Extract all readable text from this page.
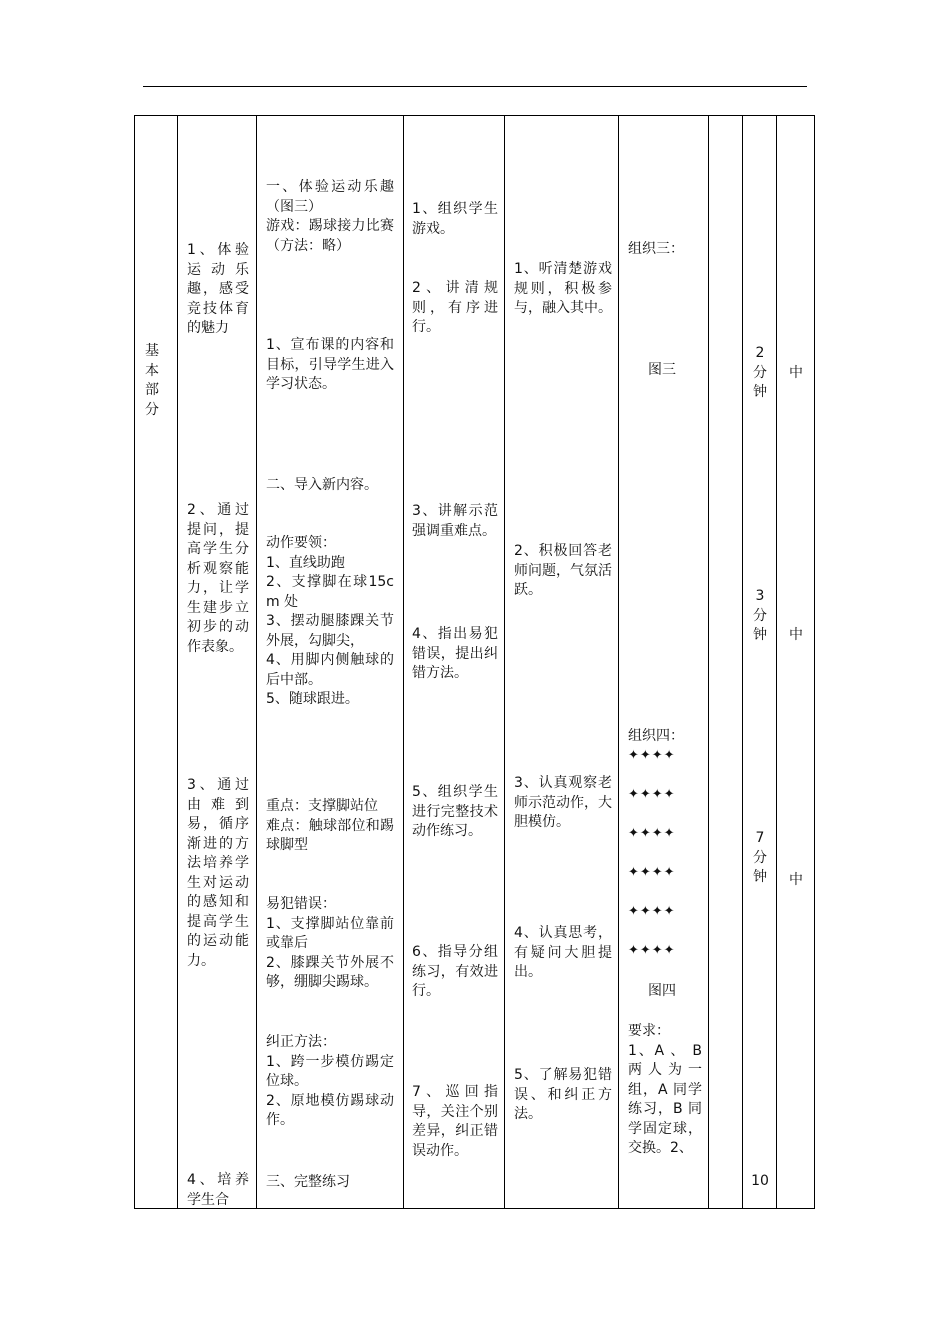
基本部分
1、体验运动乐趣，感受竞技体育的魅力
2、通过提问，提高学生分析观察能力，让学生建步立初步的动作表象。
3、通过由难到易，循序渐进的方法培养学生对运动的感知和提高学生的运动能力。
4、培养学生合
一、体验运动乐趣（图三）
游戏：踢球接力比赛　（方法：略）
1、宣布课的内容和目标，引导学生进入学习状态。
二、导入新内容。
动作要领：
1、直线助跑
2、支撑脚在球15cm 处
3、摆动腿膝踝关节外展，勾脚尖，
4、用脚内侧触球的后中部。
5、随球跟进。
重点：支撑脚站位
难点：触球部位和踢球脚型
易犯错误：
1、支撑脚站位靠前或靠后
2、膝踝关节外展不够，绷脚尖踢球。
纠正方法：
1、跨一步模仿踢定位球。
2、原地模仿踢球动作。
三、完整练习
1、组织学生游戏。
2、讲清规则，有序进行。
3、讲解示范强调重难点。
4、指出易犯错误，提出纠错方法。
5、组织学生进行完整技术动作练习。
6、指导分组练习，有效进行。
7、巡回指导，关注个别差异，纠正错误动作。
1、听清楚游戏规则，积极参与，融入其中。
2、积极回答老师问题，气氛活跃。
3、认真观察老师示范动作，大胆模仿。
4、认真思考，有疑问大胆提出。
5、了解易犯错误、和纠正方法。
组织三：
图三
组织四：
✦✦✦✦
✦✦✦✦
✦✦✦✦
✦✦✦✦
✦✦✦✦
✦✦✦✦
图四
要求：
1、A 、 B 两人为一组，A 同学　练习，B 同学固定球，交换。2、
2
分
钟
3
分
钟
7
分
钟
10
中
中
中
